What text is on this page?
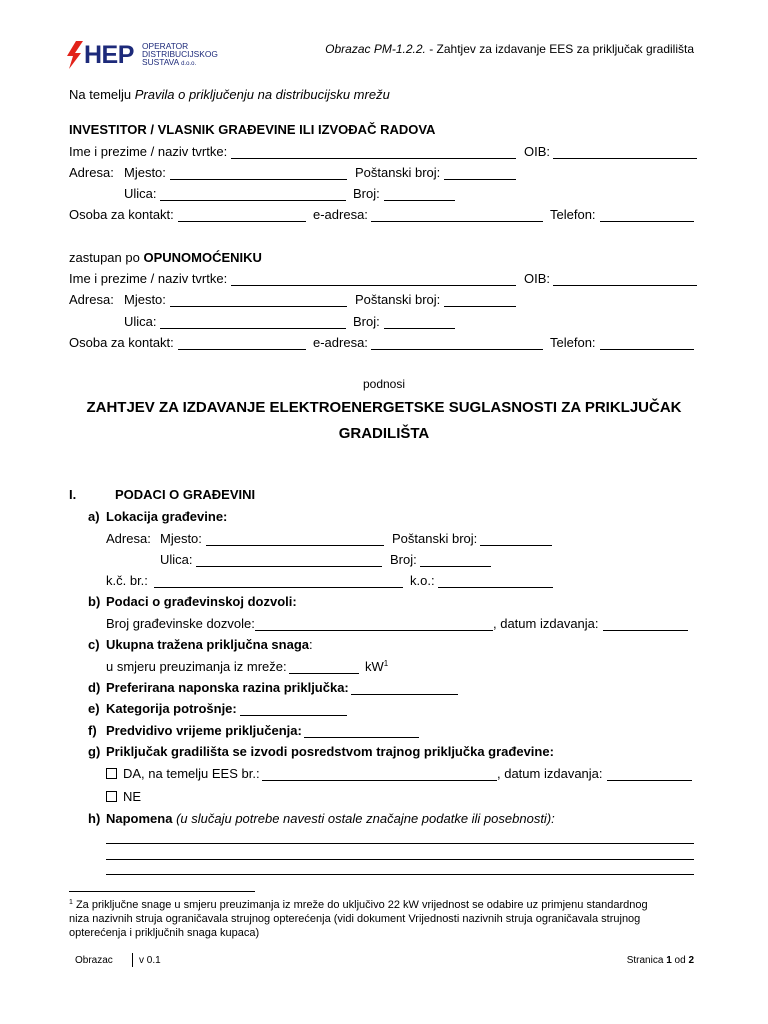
HEP OPERATOR
DISTRIBUCIJSKOG
SUSTAVA d.o.o.
Obrazac PM-1.2.2. - Zahtjev za izdavanje EES za priključak gradilišta
Na temelju Pravila o priključenju na distribucijsku mrežu
INVESTITOR / VLASNIK GRAĐEVINE ILI IZVOĐAČ RADOVA
Ime i prezime / naziv tvrtke:	OIB:
Adresa: Mjesto:	Poštanski broj:
Ulica:	Broj:
Osoba za kontakt:	e-adresa:	Telefon:
zastupan po OPUNOMOĆENIKU
Ime i prezime / naziv tvrtke:	OIB:
Adresa: Mjesto:	Poštanski broj:
Ulica:	Broj:
Osoba za kontakt:	e-adresa:	Telefon:
podnosi
ZAHTJEV ZA IZDAVANJE ELEKTROENERGETSKE SUGLASNOSTI ZA PRIKLJUČAK
GRADILIŠTA
I.	PODACI O GRAĐEVINI
a) Lokacija građevine:
Adresa: Mjesto:	Poštanski broj:
Ulica:	Broj:
k.č. br.:	k.o.:
b) Podaci o građevinskoj dozvoli:
Broj građevinske dozvole:	, datum izdavanja:
c) Ukupna tražena priključna snaga:
u smjeru preuzimanja iz mreže:	$kW^1$
d) Preferirana naponska razina priključka:
e) Kategorija potrošnje:
f) Predvidivo vrijeme priključenja:
g) Priključak gradilišta se izvodi posredstvom trajnog priključka građevine:
DA, na temelju EES br.:	, datum izdavanja:
NE
h) Napomena (u slučaju potrebe navesti ostale značajne podatke ili posebnosti):
$^1$ Za priključne snage u smjeru preuzimanja iz mreže do uključivo 22 kW vrijednost se odabire uz primjenu standardnog
niza nazivnih struja ograničavala strujnog opterećenja (vidi dokument Vrijednosti nazivnih struja ograničavala strujnog
opterećenja i priključnih snaga kupaca)
Obrazac	v 0.1	Stranica 1 od 2
